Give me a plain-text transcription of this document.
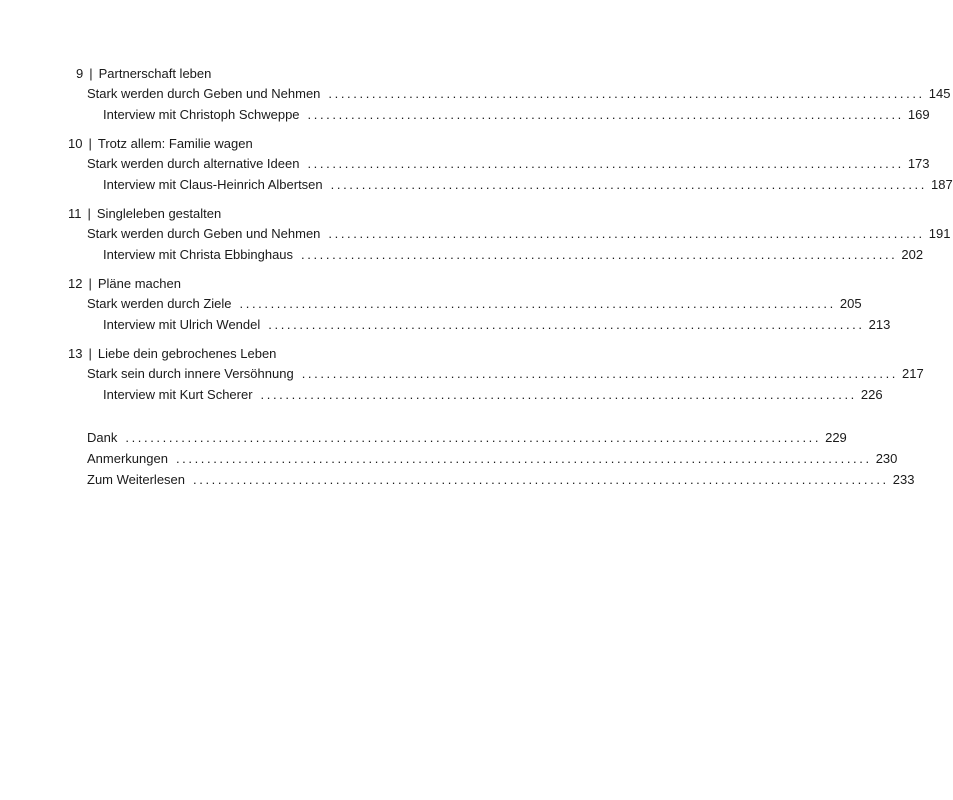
9 | Partnerschaft leben
Stark werden durch Geben und Nehmen ................................................................................................ 145
Interview mit Christoph Schweppe ................................................................................................ 169
10 | Trotz allem: Familie wagen
Stark werden durch alternative Ideen ................................................................................................ 173
Interview mit Claus-Heinrich Albertsen ................................................................................................ 187
11 | Singleleben gestalten
Stark werden durch Geben und Nehmen ................................................................................................ 191
Interview mit Christa Ebbinghaus ................................................................................................ 202
12 | Pläne machen
Stark werden durch Ziele ................................................................................................ 205
Interview mit Ulrich Wendel ................................................................................................ 213
13 | Liebe dein gebrochenes Leben
Stark sein durch innere Versöhnung ................................................................................................ 217
Interview mit Kurt Scherer ................................................................................................ 226
Dank ................................................................................................................ 229
Anmerkungen ................................................................................................................ 230
Zum Weiterlesen ................................................................................................................ 233
